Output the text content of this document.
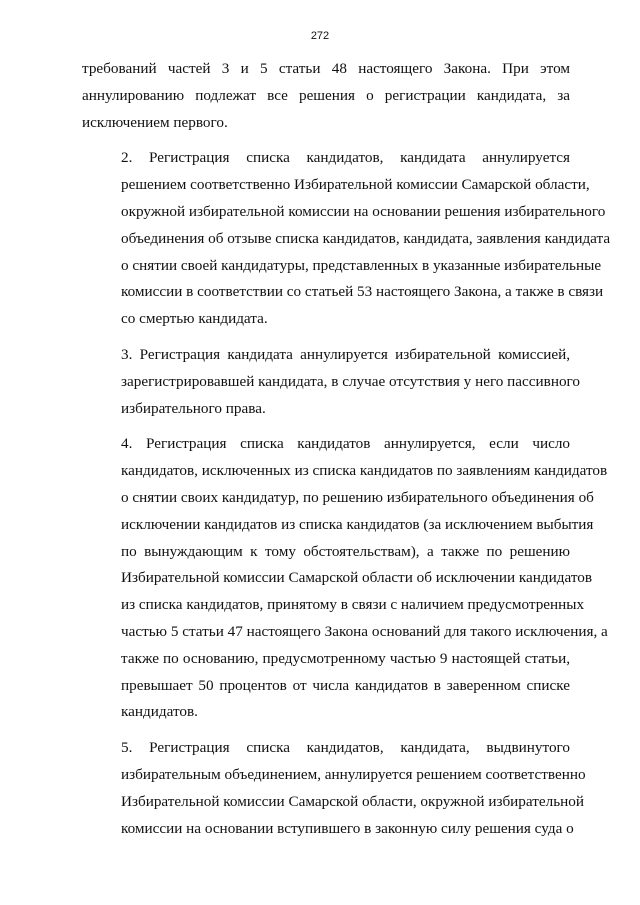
272
требований частей 3 и 5 статьи 48 настоящего Закона. При этом
аннулированию подлежат все решения о регистрации кандидата, за
исключением первого.
2. Регистрация списка кандидатов, кандидата аннулируется
решением соответственно Избирательной комиссии Самарской области,
окружной избирательной комиссии на основании решения избирательного
объединения об отзыве списка кандидатов, кандидата, заявления кандидата
о снятии своей кандидатуры, представленных в указанные избирательные
комиссии в соответствии со статьей 53 настоящего Закона, а также в связи
со смертью кандидата.
3. Регистрация кандидата аннулируется избирательной комиссией,
зарегистрировавшей кандидата, в случае отсутствия у него пассивного
избирательного права.
4. Регистрация списка кандидатов аннулируется, если число
кандидатов, исключенных из списка кандидатов по заявлениям кандидатов
о снятии своих кандидатур, по решению избирательного объединения об
исключении кандидатов из списка кандидатов (за исключением выбытия
по вынуждающим к тому обстоятельствам), а также по решению
Избирательной комиссии Самарской области об исключении кандидатов
из списка кандидатов, принятому в связи с наличием предусмотренных
частью 5 статьи 47 настоящего Закона оснований для такого исключения, а
также по основанию, предусмотренному частью 9 настоящей статьи,
превышает 50 процентов от числа кандидатов в заверенном списке
кандидатов.
5. Регистрация списка кандидатов, кандидата, выдвинутого
избирательным объединением, аннулируется решением соответственно
Избирательной комиссии Самарской области, окружной избирательной
комиссии на основании вступившего в законную силу решения суда о
